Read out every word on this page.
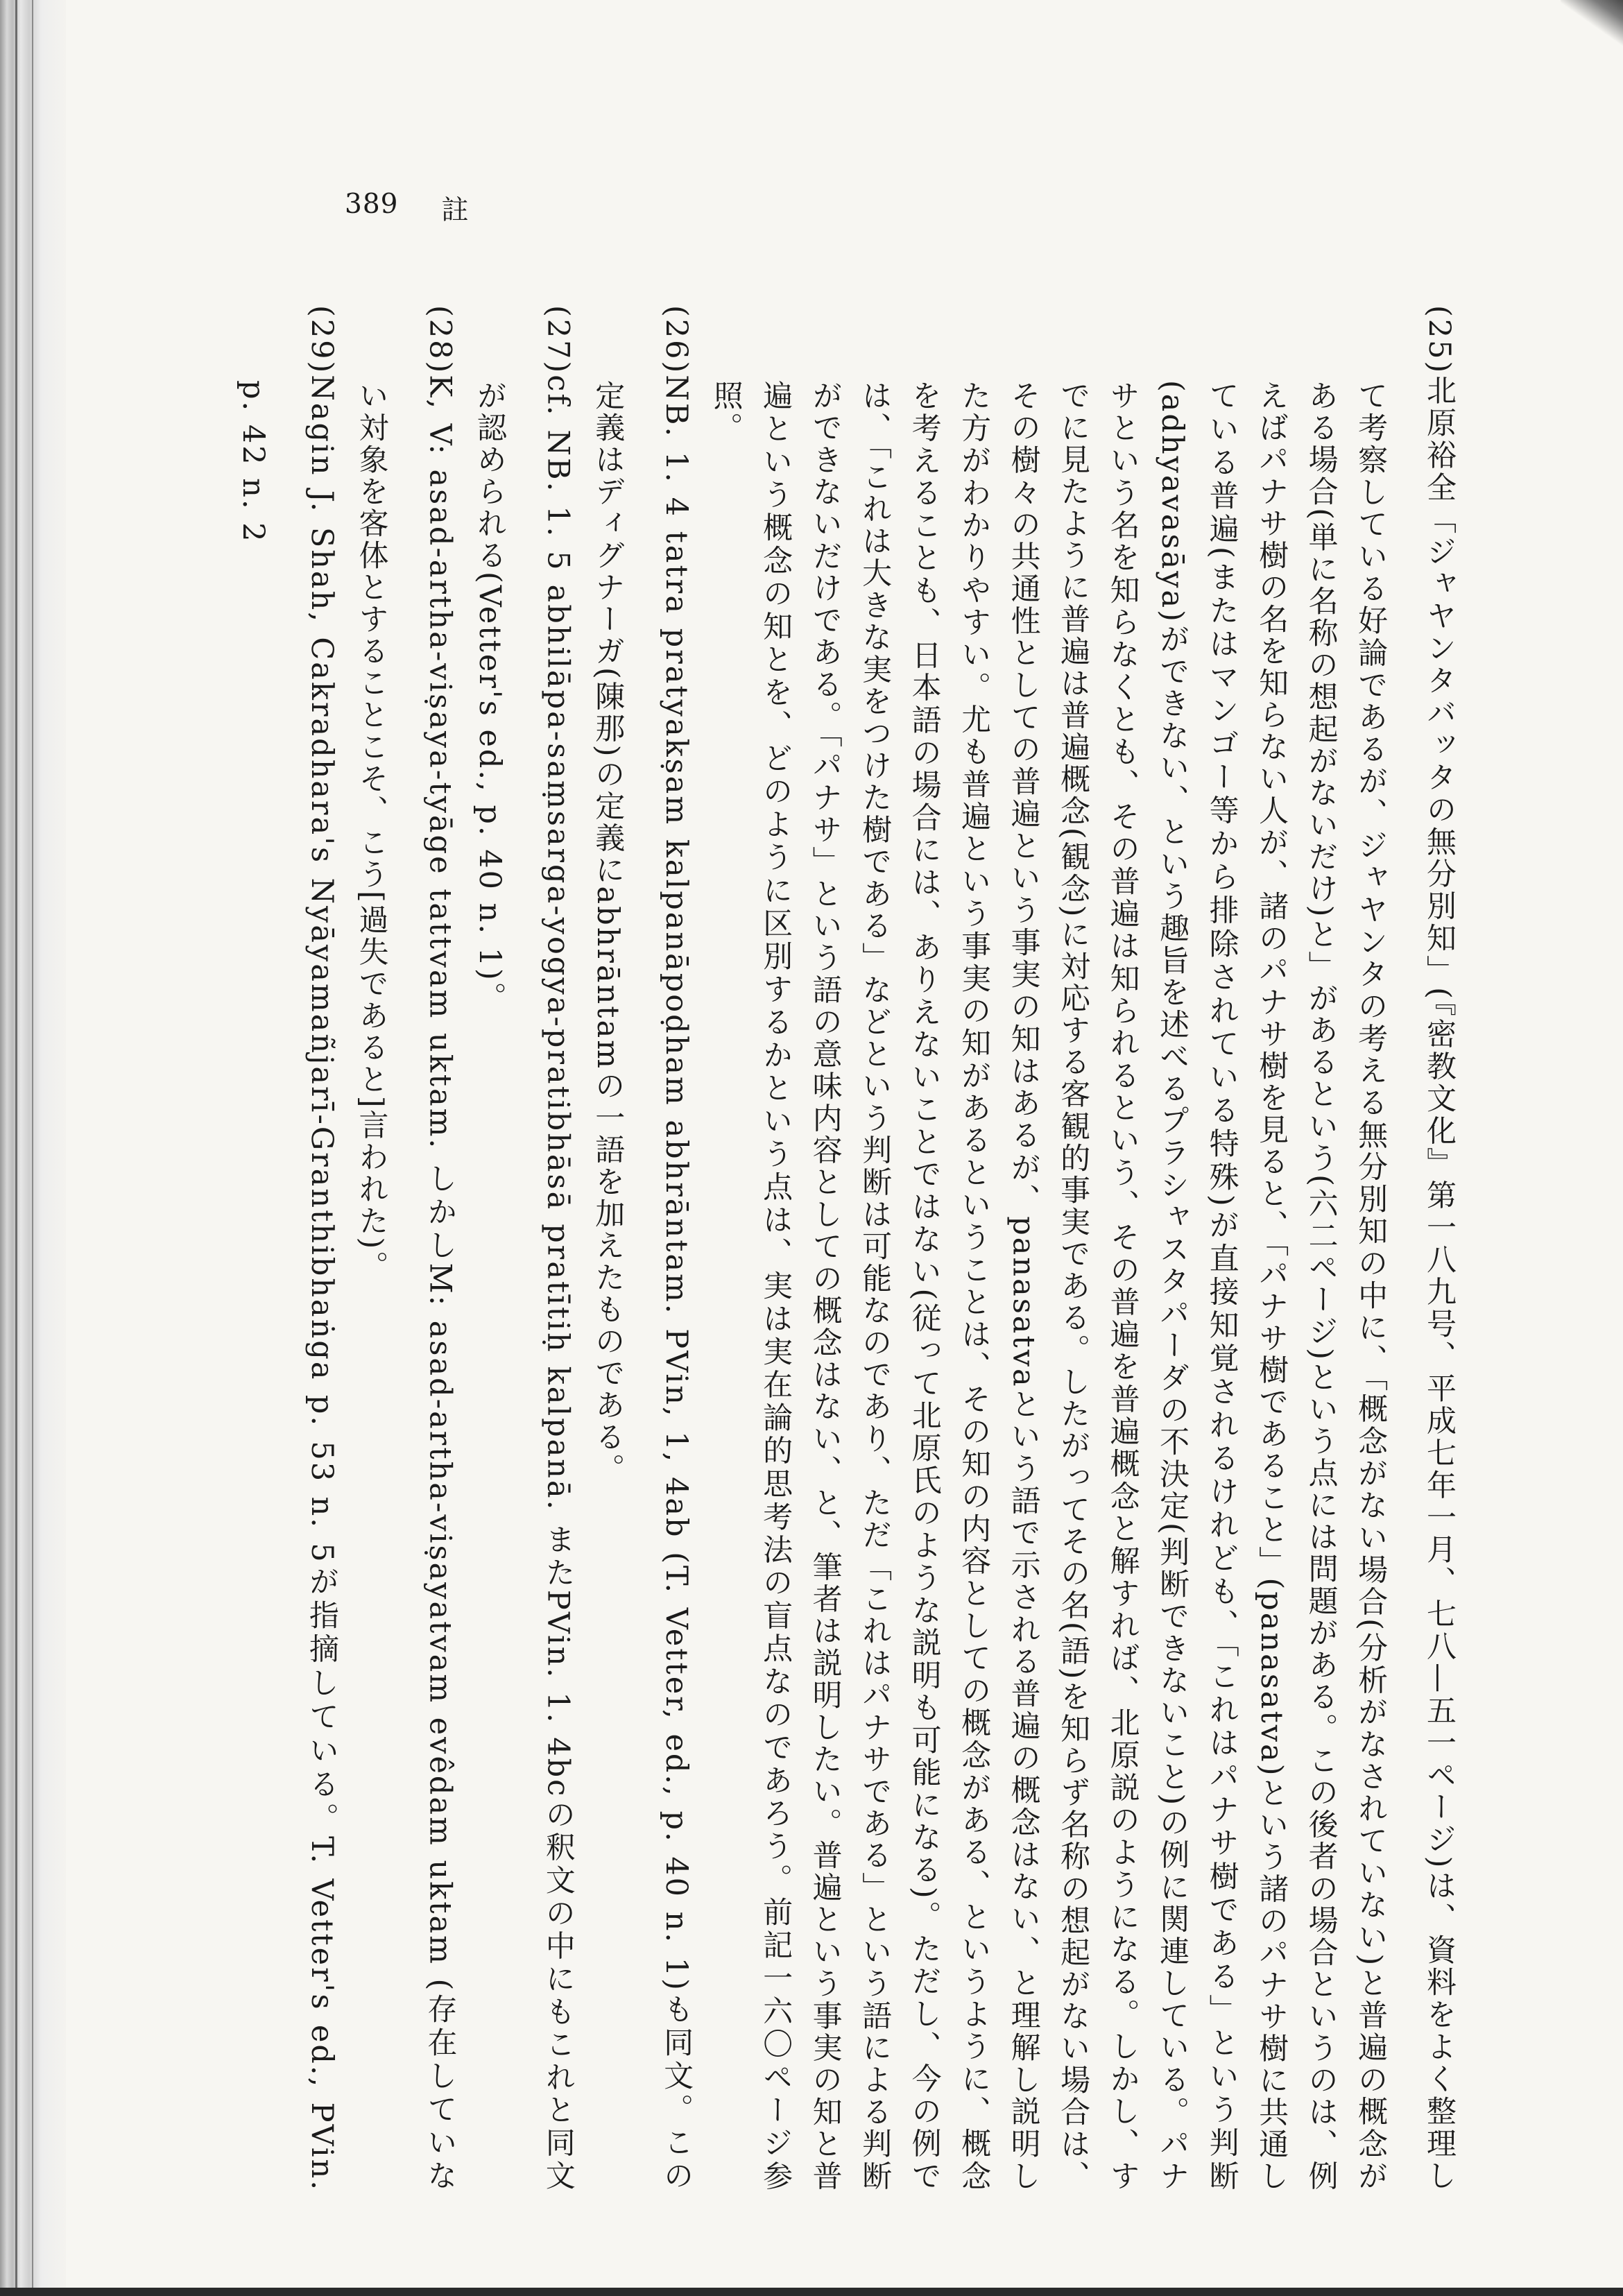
389 註

(25)北原裕全「ジャヤンタバッタの無分別知」(『密教文化』第一八九号、平成七年一月、七八—五一ページ)は、資料をよく整理して考察している好論であるが、ジャヤンタの考える無分別知の中に、「概念がない場合(分析がなされていない)と普遍の概念がある場合(単に名称の想起がないだけ)と」があるという(六二ページ)という点には問題がある。この後者の場合というのは、例えばパナサ樹の名を知らない人が、諸のパナサ樹を見ると、「パナサ樹であること」(panasatva)という諸のパナサ樹に共通している普遍(またはマンゴー等から排除されている特殊)が直接知覚されるけれども、「これはパナサ樹である」という判断(adhyavasāya)ができない、という趣旨を述べるプラシャスタパーダの不決定(判断できないこと)の例に関連している。パナサという名を知らなくとも、その普遍は知られるという、その普遍を普遍概念と解すれば、北原説のようになる。しかし、すでに見たように普遍は普遍概念(観念)に対応する客観的事実である。したがってその名(語)を知らず名称の想起がない場合は、その樹々の共通性としての普遍という事実の知はあるが、panasatvaという語で示される普遍の概念はない、と理解し説明した方がわかりやすい。尤も普遍という事実の知があるということは、その知の内容としての概念がある、というように、概念を考えることも、日本語の場合には、ありえないことではない(従って北原氏のような説明も可能になる)。ただし、今の例では、「これは大きな実をつけた樹である」などという判断は可能なのであり、ただ「これはパナサである」という語による判断ができないだけである。「パナサ」という語の意味内容としての概念はない、と、筆者は説明したい。普遍という事実の知と普遍という概念の知とを、どのように区別するかという点は、実は実在論的思考法の盲点なのであろう。前記一六〇ページ参照。

(26)NB. 1. 4 tatra pratyakṣam kalpanāpoḍham abhrāntam. PVin, 1, 4ab (T. Vetter, ed., p. 40 n. 1)も同文。この定義はディグナーガ(陳那)の定義にabhrāntamの一語を加えたものである。

(27)cf. NB. 1. 5 abhilāpa-saṃsarga-yogya-pratibhāsā pratītiḥ kalpanā. またPVin. 1. 4bcの釈文の中にもこれと同文が認められる(Vetter's ed., p. 40 n. 1)。

(28)K, V: asad-artha-viṣaya-tyāge tattvam uktam. しかしM: asad-artha-viṣayatvam evêdam uktam (存在していない対象を客体とすることこそ、こう[過失であると]言われた)。

(29)Nagin J. Shah, Cakradhara's Nyāyamañjarī-Granthibhaṅga p. 53 n. 5が指摘している。T. Vetter's ed., PVin. p. 42 n. 2
